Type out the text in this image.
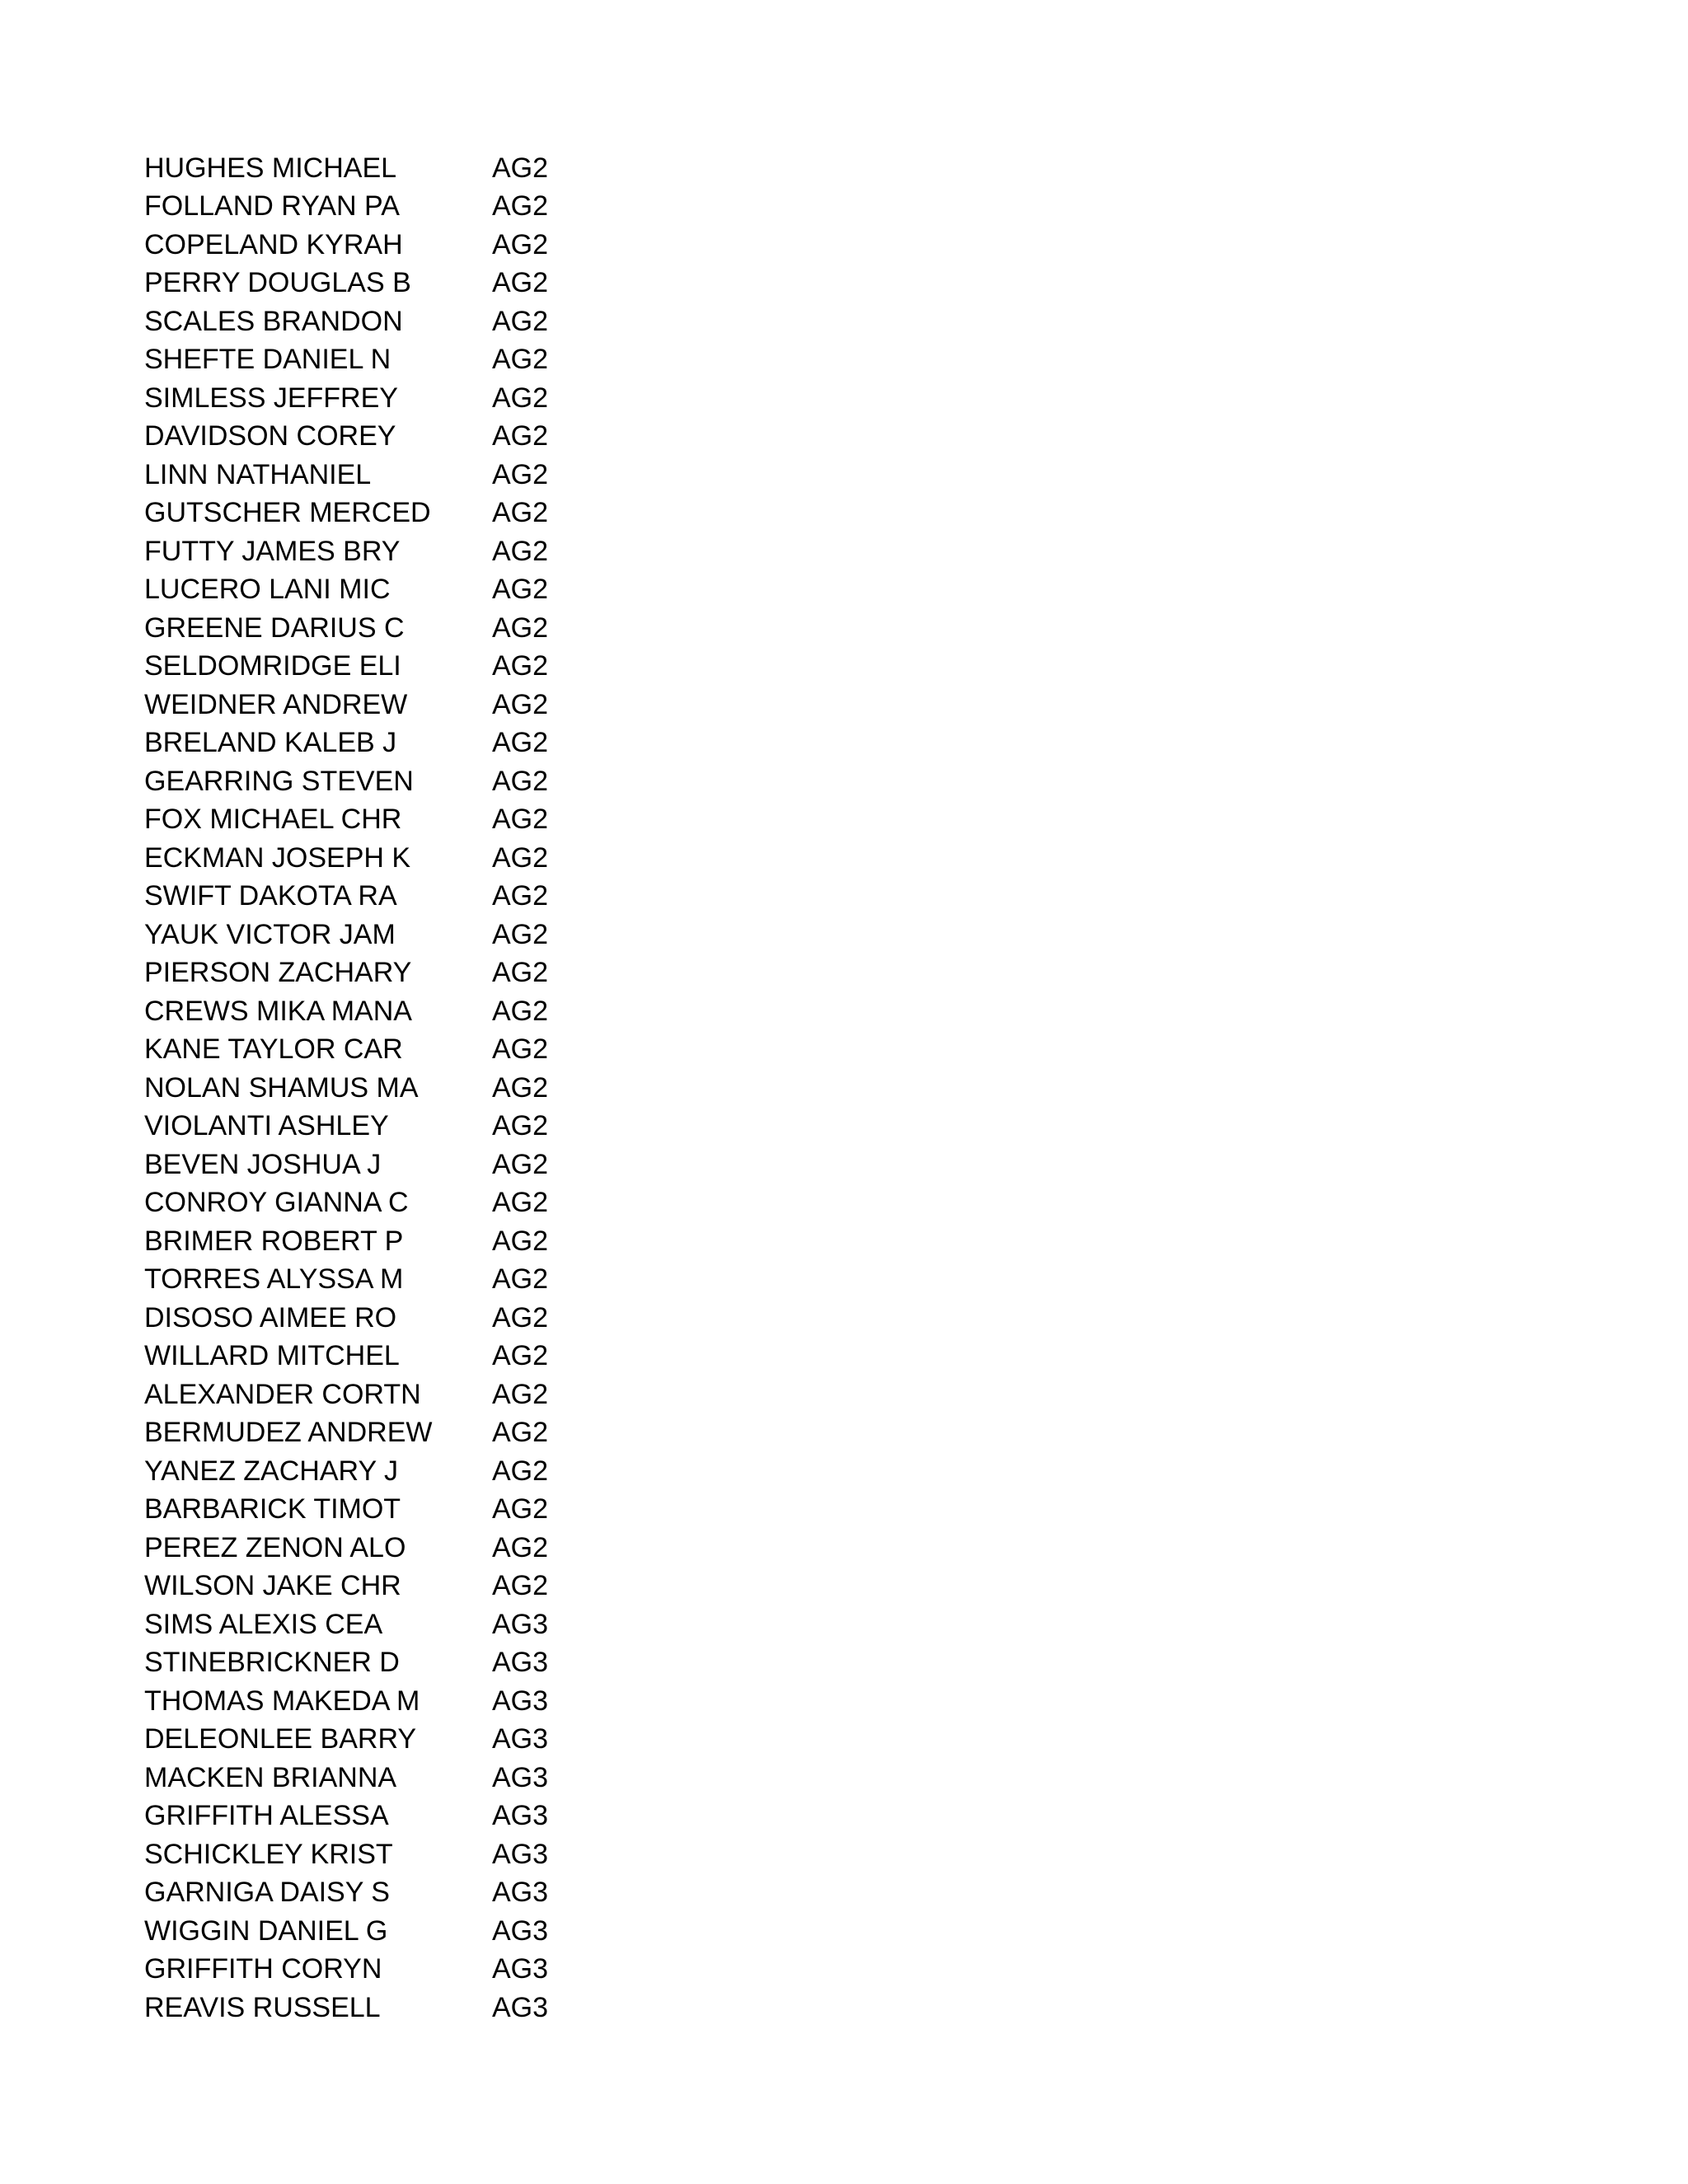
HUGHES MICHAEL	AG2
FOLLAND RYAN PA	AG2
COPELAND KYRAH	AG2
PERRY DOUGLAS B	AG2
SCALES BRANDON	AG2
SHEFTE DANIEL N	AG2
SIMLESS JEFFREY	AG2
DAVIDSON COREY	AG2
LINN NATHANIEL	AG2
GUTSCHER MERCED	AG2
FUTTY JAMES BRY	AG2
LUCERO LANI MIC	AG2
GREENE DARIUS C	AG2
SELDOMRIDGE ELI	AG2
WEIDNER ANDREW	AG2
BRELAND KALEB J	AG2
GEARRING STEVEN	AG2
FOX MICHAEL CHR	AG2
ECKMAN JOSEPH K	AG2
SWIFT DAKOTA RA	AG2
YAUK VICTOR JAM	AG2
PIERSON ZACHARY	AG2
CREWS MIKA MANA	AG2
KANE TAYLOR CAR	AG2
NOLAN SHAMUS MA	AG2
VIOLANTI ASHLEY	AG2
BEVEN JOSHUA J	AG2
CONROY GIANNA C	AG2
BRIMER ROBERT P	AG2
TORRES ALYSSA M	AG2
DISOSO AIMEE RO	AG2
WILLARD MITCHEL	AG2
ALEXANDER CORTN	AG2
BERMUDEZ ANDREW	AG2
YANEZ ZACHARY J	AG2
BARBARICK TIMOT	AG2
PEREZ ZENON ALO	AG2
WILSON JAKE CHR	AG2
SIMS ALEXIS CEA	AG3
STINEBRICKNER D	AG3
THOMAS MAKEDA M	AG3
DELEONLEE BARRY	AG3
MACKEN BRIANNA	AG3
GRIFFITH ALESSA	AG3
SCHICKLEY KRIST	AG3
GARNIGA DAISY S	AG3
WIGGIN DANIEL G	AG3
GRIFFITH CORYN	AG3
REAVIS RUSSELL	AG3
